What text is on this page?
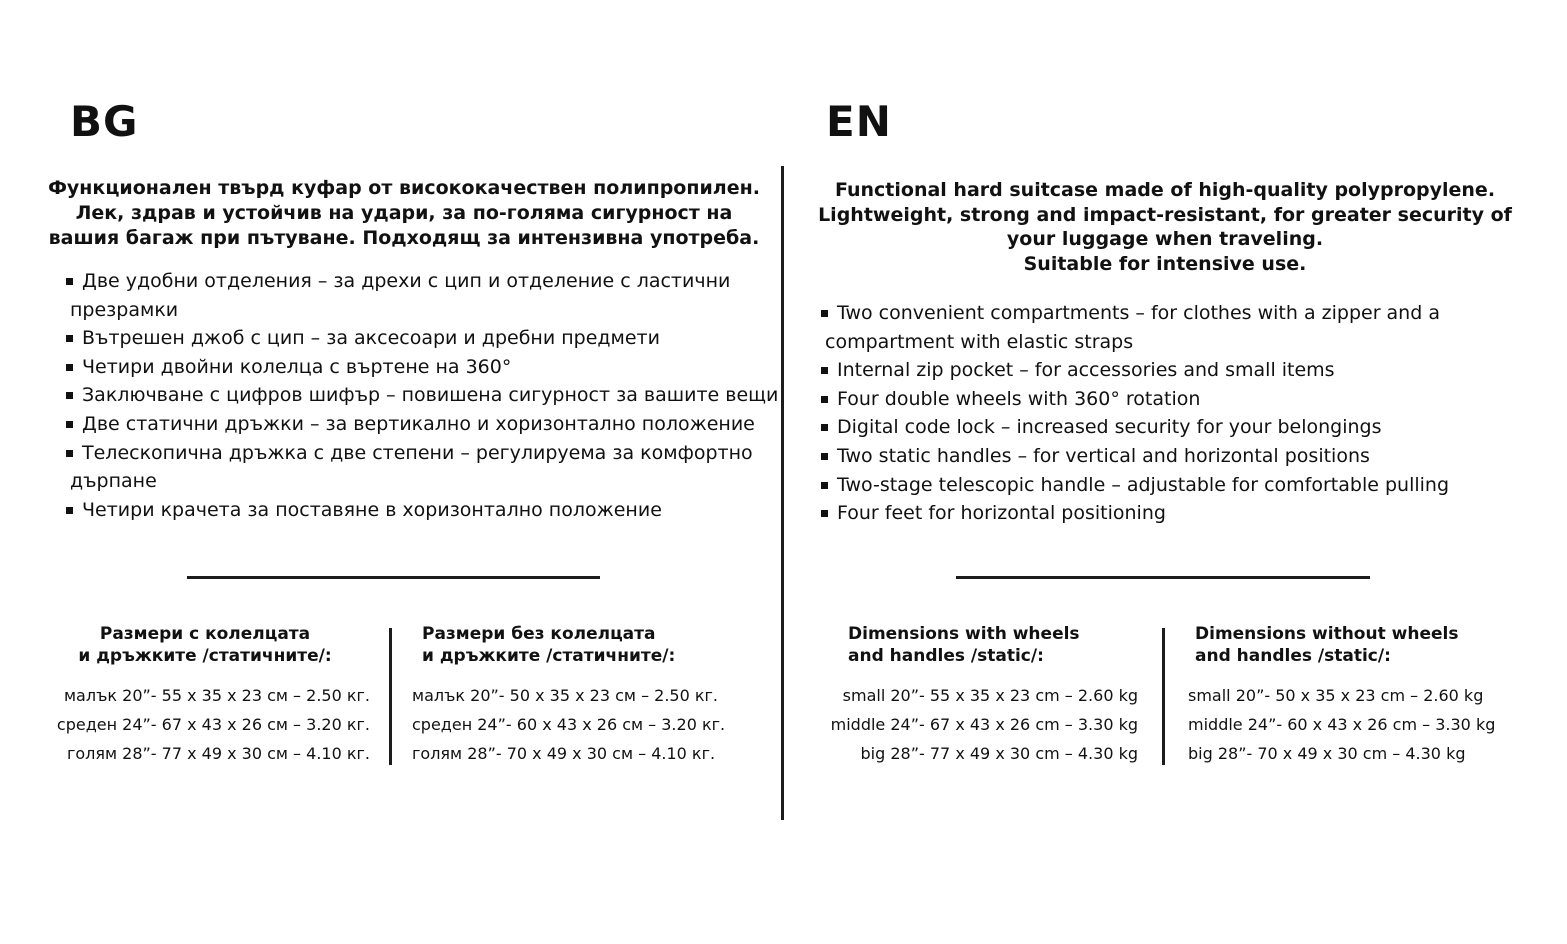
BG
Функционален твърд куфар от висококачествен полипропилен.
Лек, здрав и устойчив на удари, за по-голяма сигурност на
вашия багаж при пътуване. Подходящ за интензивна употреба.
Две удобни отделения – за дрехи с цип и отделение с ластични
презрамки
Вътрешен джоб с цип – за аксесоари и дребни предмети
Четири двойни колелца с въртене на 360°
Заключване с цифров шифър – повишена сигурност за вашите вещи
Две статични дръжки – за вертикално и хоризонтално положение
Телескопична дръжка с две степени – регулируема за комфортно
дърпане
Четири крачета за поставяне в хоризонтално положение
Размери с колелцата
и дръжките /статичните/:
малък 20”- 55 x 35 x 23 см – 2.50 кг.
среден 24”- 67 x 43 x 26 см – 3.20 кг.
голям 28”- 77 x 49 x 30 см – 4.10 кг.
Размери без колелцата
и дръжките /статичните/:
малък 20”- 50 x 35 x 23 см – 2.50 кг.
среден 24”- 60 x 43 x 26 см – 3.20 кг.
голям 28”- 70 x 49 x 30 см – 4.10 кг.
EN
Functional hard suitcase made of high-quality polypropylene.
Lightweight, strong and impact-resistant, for greater security of
your luggage when traveling.
Suitable for intensive use.
Two convenient compartments – for clothes with a zipper and a
compartment with elastic straps
Internal zip pocket – for accessories and small items
Four double wheels with 360° rotation
Digital code lock – increased security for your belongings
Two static handles – for vertical and horizontal positions
Two-stage telescopic handle – adjustable for comfortable pulling
Four feet for horizontal positioning
Dimensions with wheels
and handles /static/:
small 20”- 55 x 35 x 23 cm – 2.60 kg
middle 24”- 67 x 43 x 26 cm – 3.30 kg
big 28”- 77 x 49 x 30 cm – 4.30 kg
Dimensions without wheels
and handles /static/:
small 20”- 50 x 35 x 23 cm – 2.60 kg
middle 24”- 60 x 43 x 26 cm – 3.30 kg
big 28”- 70 x 49 x 30 cm – 4.30 kg
